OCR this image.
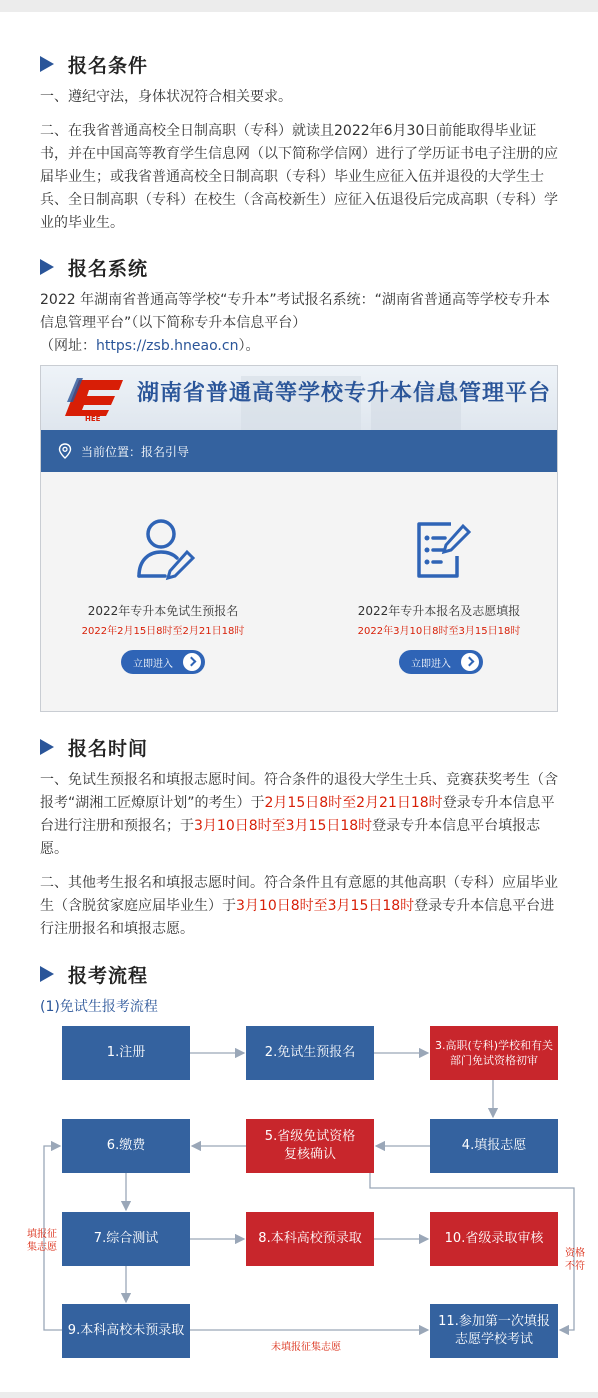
报名条件

一、遵纪守法，身体状况符合相关要求。

二、在我省普通高校全日制高职（专科）就读且2022年6月30日前能取得毕业证书，并在中国高等教育学生信息网（以下简称学信网）进行了学历证书电子注册的应届毕业生；或我省普通高校全日制高职（专科）毕业生应征入伍并退役的大学生士兵、全日制高职（专科）在校生（含高校新生）应征入伍退役后完成高职（专科）学业的毕业生。

报名系统

2022 年湖南省普通高等学校“专升本”考试报名系统：“湖南省普通高等学校专升本信息管理平台”（以下简称专升本信息平台）
（网址：https://zsb.hneao.cn）。

HEE
湖南省普通高等学校专升本信息管理平台
当前位置：报名引导
2022年专升本免试生预报名
2022年2月15日8时至2月21日18时
立即进入
2022年专升本报名及志愿填报
2022年3月10日8时至3月15日18时
立即进入
报名时间

一、免试生预报名和填报志愿时间。符合条件的退役大学生士兵、竞赛获奖考生（含报考“湖湘工匠燎原计划”的考生）于2月15日8时至2月21日18时登录专升本信息平台进行注册和预报名；于3月10日8时至3月15日18时登录专升本信息平台填报志愿。

二、其他考生报名和填报志愿时间。符合条件且有意愿的其他高职（专科）应届毕业生（含脱贫家庭应届毕业生）于3月10日8时至3月15日18时登录专升本信息平台进行注册报名和填报志愿。

报考流程
(1)免试生报考流程
1.注册	2.免试生预报名	3.高职(专科)学校和有关部门免试资格初审
4.填报志愿
5.省级免试资格复核确认
6.缴费
7.综合测试	8.本科高校预录取	10.省级录取审核
9.本科高校未预录取
11.参加第一次填报志愿学校考试
填报征集志愿
资格不符
未填报征集志愿
